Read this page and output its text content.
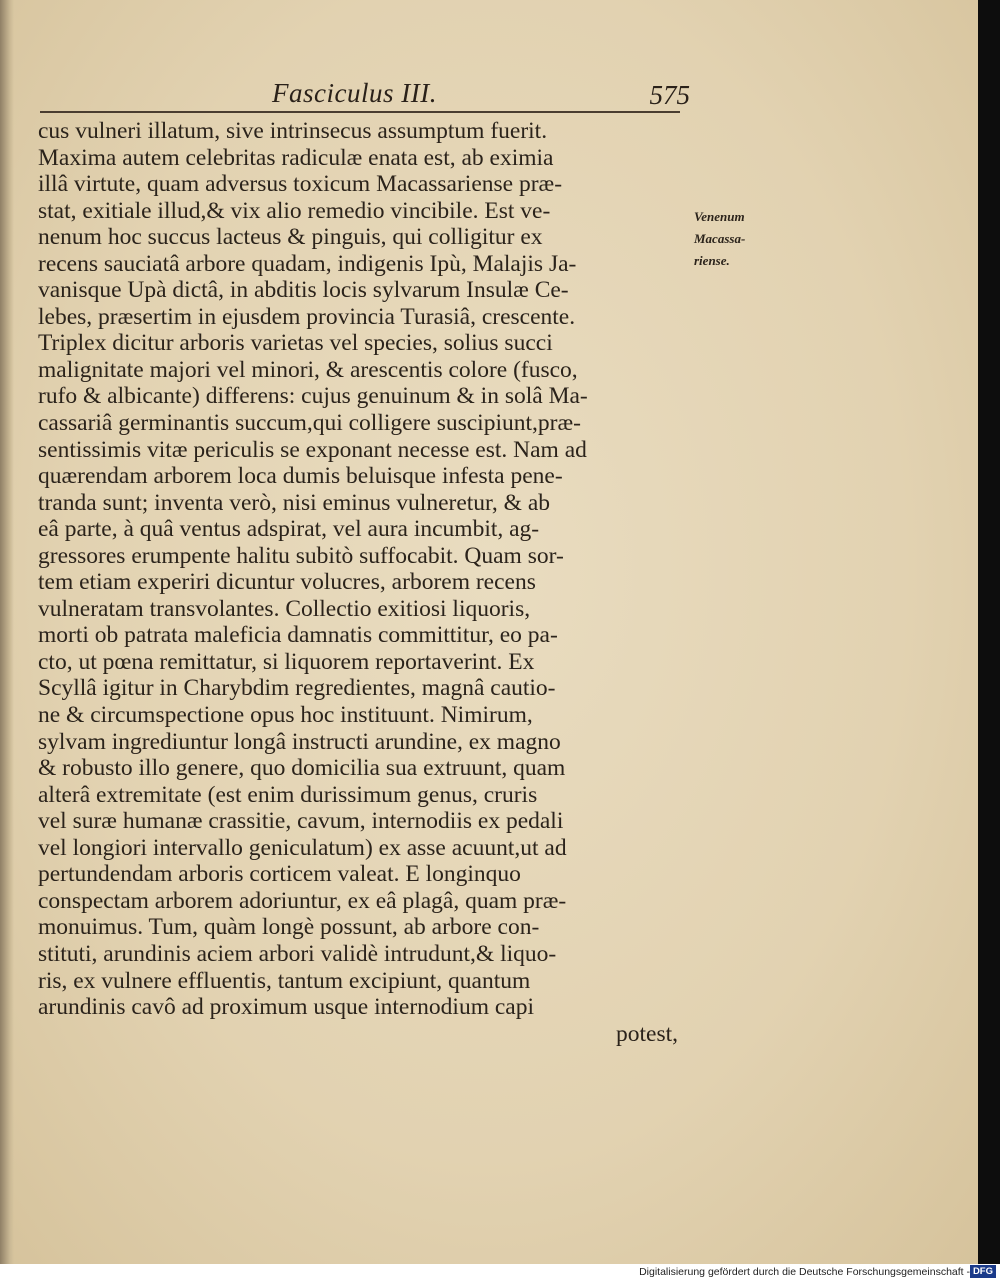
Fasciculus III.	575
cus vulneri illatum, sive intrinsecus assumptum fuerit.
Maxima autem celebritas radiculæ enata est, ab eximia
illâ virtute, quam adversus toxicum Macassariense præ-
stat, exitiale illud,& vix alio remedio vincibile. Est ve-
nenum hoc succus lacteus & pinguis, qui colligitur ex
recens sauciatâ arbore quadam, indigenis Ipù, Malajis Ja-
vanisque Upà dictâ, in abditis locis sylvarum Insulæ Ce-
lebes, præsertim in ejusdem provincia Turasiâ, crescente.
Triplex dicitur arboris varietas vel species, solius succi
malignitate majori vel minori, & arescentis colore (fusco,
rufo & albicante) differens: cujus genuinum & in solâ Ma-
cassariâ germinantis succum,qui colligere suscipiunt,præ-
sentissimis vitæ periculis se exponant necesse est. Nam ad
quærendam arborem loca dumis beluisque infesta pene-
tranda sunt; inventa verò, nisi eminus vulneretur, & ab
eâ parte, à quâ ventus adspirat, vel aura incumbit, ag-
gressores erumpente halitu subitò suffocabit. Quam sor-
tem etiam experiri dicuntur volucres, arborem recens
vulneratam transvolantes. Collectio exitiosi liquoris,
morti ob patrata maleficia damnatis committitur, eo pa-
cto, ut pœna remittatur, si liquorem reportaverint. Ex
Scyllâ igitur in Charybdim regredientes, magnâ cautio-
ne & circumspectione opus hoc instituunt. Nimirum,
sylvam ingrediuntur longâ instructi arundine, ex magno
& robusto illo genere, quo domicilia sua extruunt, quam
alterâ extremitate (est enim durissimum genus, cruris
vel suræ humanæ crassitie, cavum, internodiis ex pedali
vel longiori intervallo geniculatum) ex asse acuunt,ut ad
pertundendam arboris corticem valeat. E longinquo
conspectam arborem adoriuntur, ex eâ plagâ, quam præ-
monuimus. Tum, quàm longè possunt, ab arbore con-
stituti, arundinis aciem arbori validè intrudunt,& liquo-
ris, ex vulnere effluentis, tantum excipiunt, quantum
arundinis cavô ad proximum usque internodium capi
potest,
Venenum
Macassa-
riense.
Digitalisierung gefördert durch die Deutsche Forschungsgemeinschaft - DFG
